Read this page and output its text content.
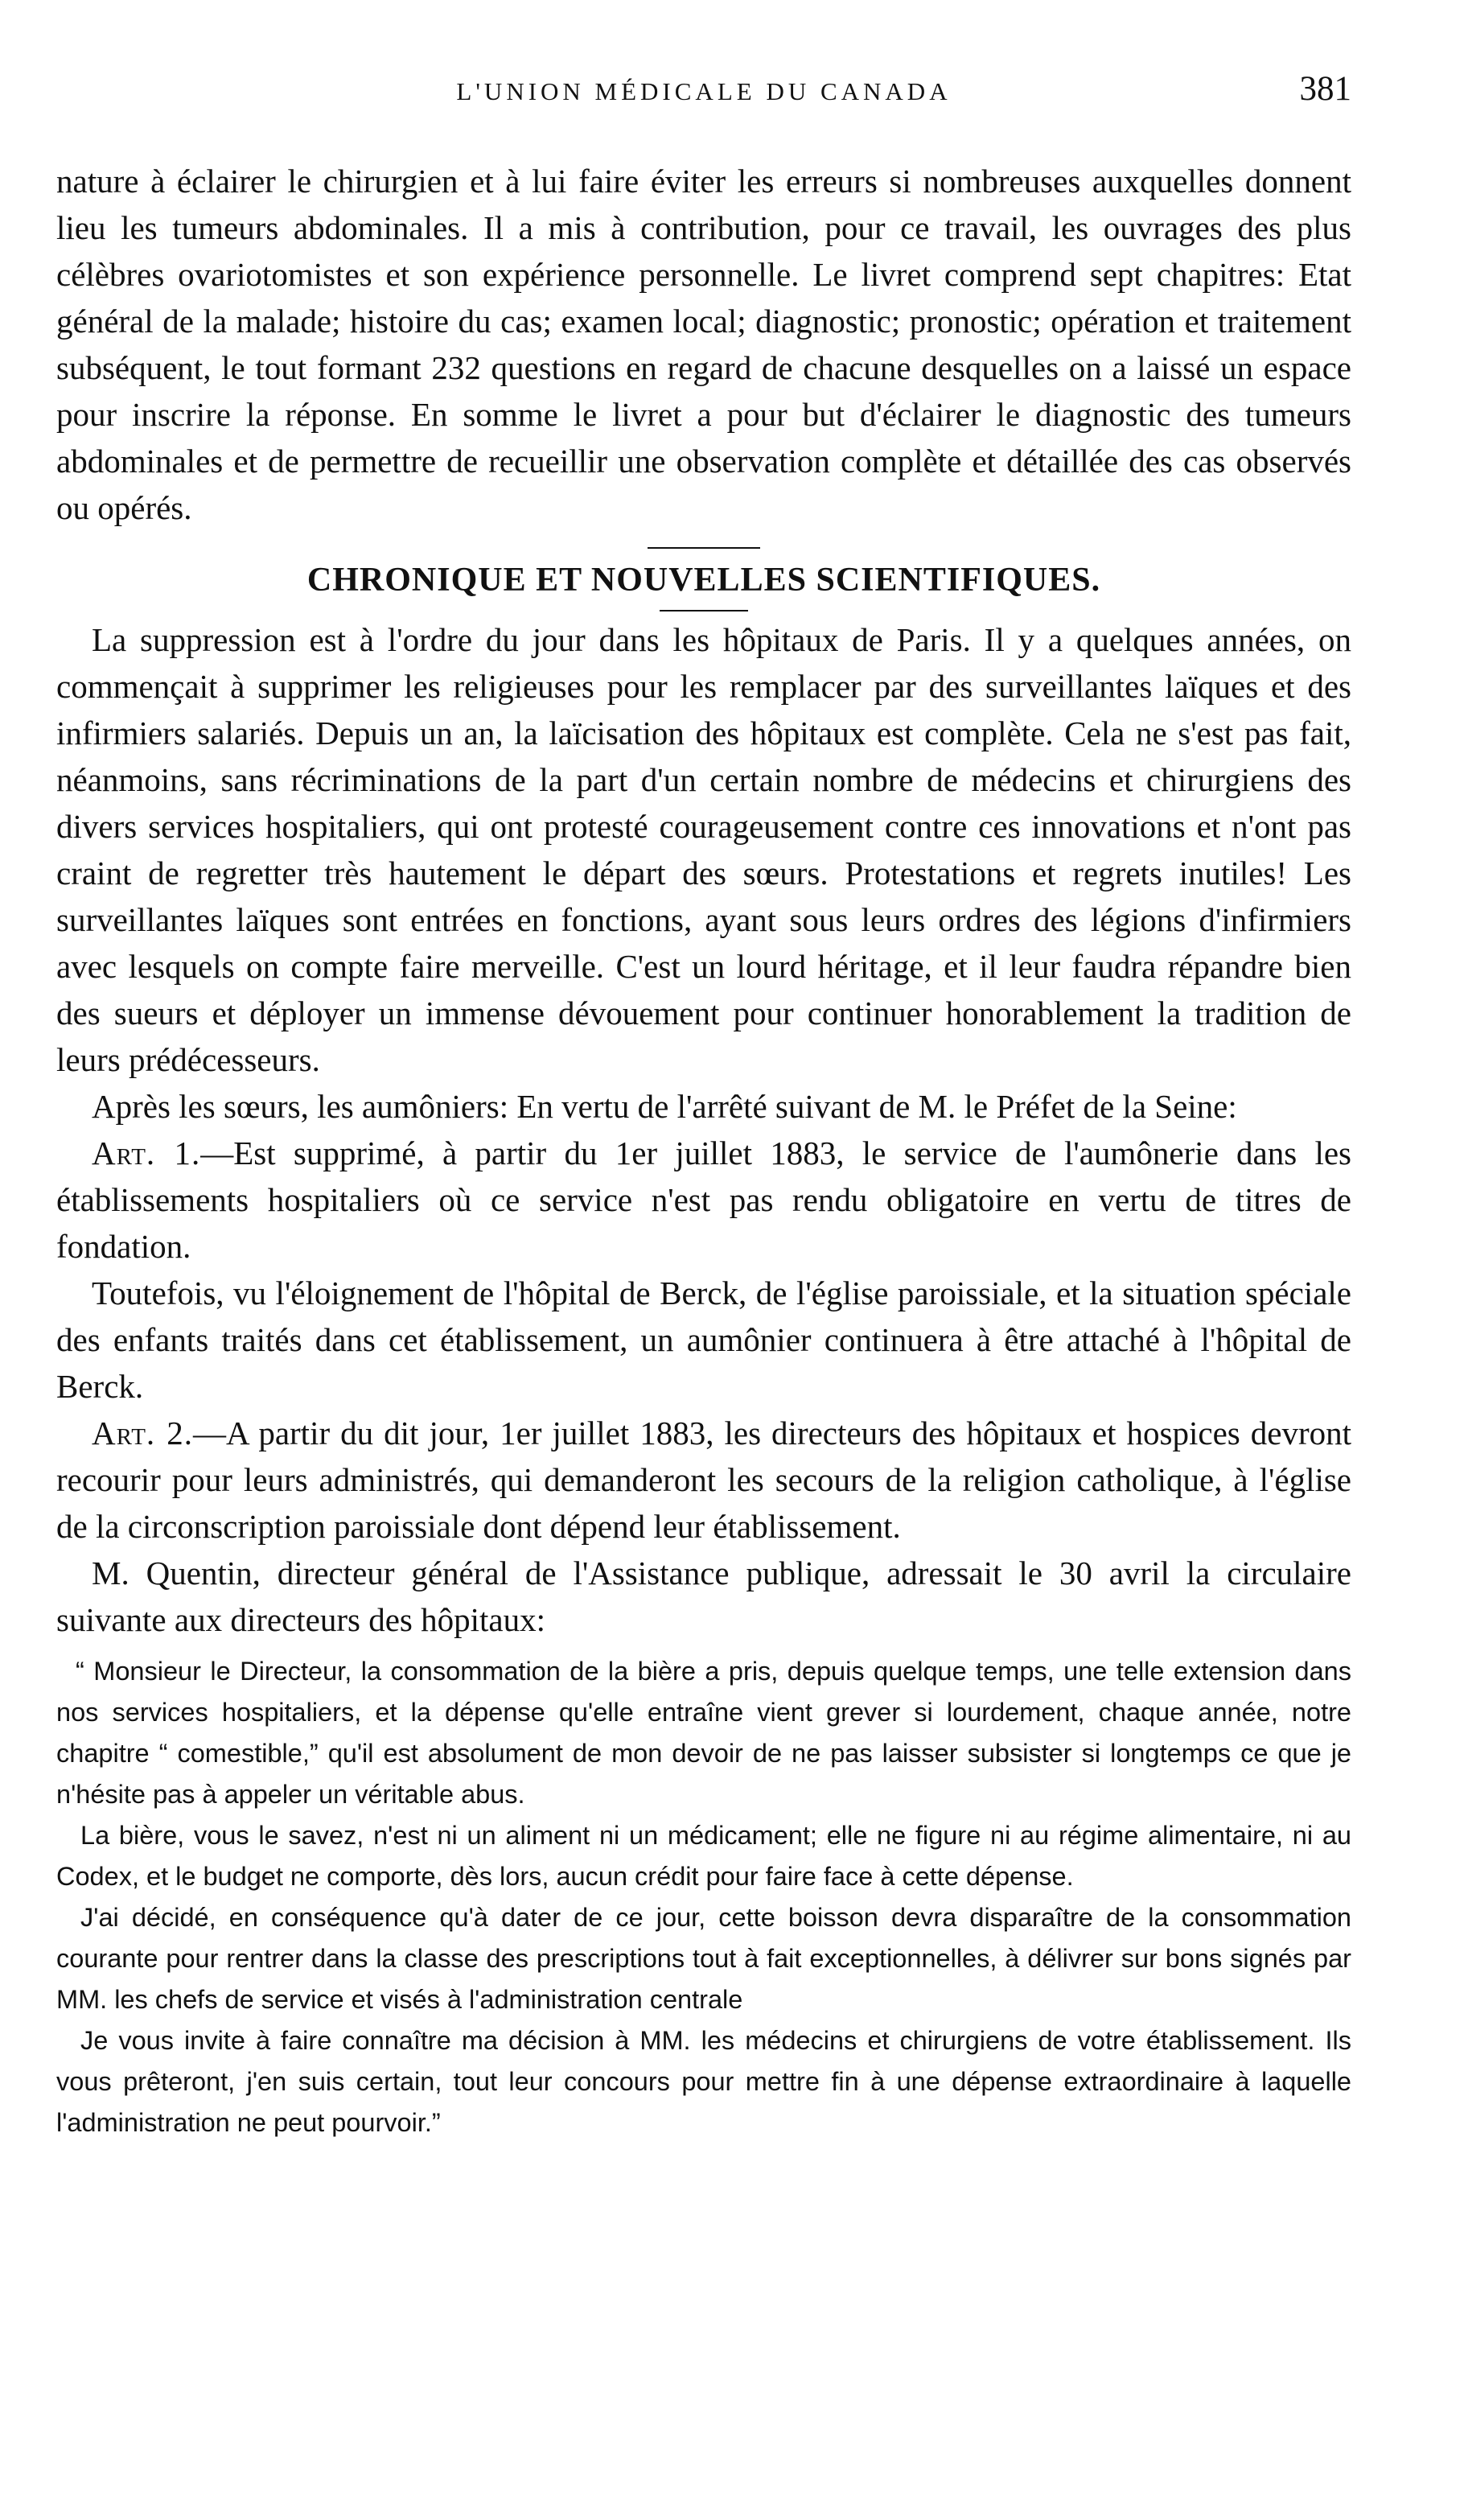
L'UNION MÉDICALE DU CANADA	381

nature à éclairer le chirurgien et à lui faire éviter les erreurs si nombreuses auxquelles donnent lieu les tumeurs abdominales. Il a mis à contribution, pour ce travail, les ouvrages des plus célèbres ovariotomistes et son expérience personnelle. Le livret comprend sept chapitres: Etat général de la malade; histoire du cas; examen local; diagnostic; pronostic; opération et traitement subséquent, le tout formant 232 questions en regard de chacune desquelles on a laissé un espace pour inscrire la réponse. En somme le livret a pour but d'éclairer le diagnostic des tumeurs abdominales et de permettre de recueillir une observation complète et détaillée des cas observés ou opérés.

CHRONIQUE ET NOUVELLES SCIENTIFIQUES.

La suppression est à l'ordre du jour dans les hôpitaux de Paris. Il y a quelques années, on commençait à supprimer les religieuses pour les remplacer par des surveillantes laïques et des infirmiers salariés. Depuis un an, la laïcisation des hôpitaux est complète. Cela ne s'est pas fait, néanmoins, sans récriminations de la part d'un certain nombre de médecins et chirurgiens des divers services hospitaliers, qui ont protesté courageusement contre ces innovations et n'ont pas craint de regretter très hautement le départ des sœurs. Protestations et regrets inutiles! Les surveillantes laïques sont entrées en fonctions, ayant sous leurs ordres des légions d'infirmiers avec lesquels on compte faire merveille. C'est un lourd héritage, et il leur faudra répandre bien des sueurs et déployer un immense dévouement pour continuer honorablement la tradition de leurs prédécesseurs.

Après les sœurs, les aumôniers: En vertu de l'arrêté suivant de M. le Préfet de la Seine:

Art. 1.—Est supprimé, à partir du 1er juillet 1883, le service de l'aumônerie dans les établissements hospitaliers où ce service n'est pas rendu obligatoire en vertu de titres de fondation.

Toutefois, vu l'éloignement de l'hôpital de Berck, de l'église paroissiale, et la situation spéciale des enfants traités dans cet établissement, un aumônier continuera à être attaché à l'hôpital de Berck.

Art. 2.—A partir du dit jour, 1er juillet 1883, les directeurs des hôpitaux et hospices devront recourir pour leurs administrés, qui demanderont les secours de la religion catholique, à l'église de la circonscription paroissiale dont dépend leur établissement.

M. Quentin, directeur général de l'Assistance publique, adressait le 30 avril la circulaire suivante aux directeurs des hôpitaux:

“ Monsieur le Directeur, la consommation de la bière a pris, depuis quelque temps, une telle extension dans nos services hospitaliers, et la dépense qu'elle entraîne vient grever si lourdement, chaque année, notre chapitre “ comestible,” qu'il est absolument de mon devoir de ne pas laisser subsister si longtemps ce que je n'hésite pas à appeler un véritable abus.

La bière, vous le savez, n'est ni un aliment ni un médicament; elle ne figure ni au régime alimentaire, ni au Codex, et le budget ne comporte, dès lors, aucun crédit pour faire face à cette dépense.

J'ai décidé, en conséquence qu'à dater de ce jour, cette boisson devra disparaître de la consommation courante pour rentrer dans la classe des prescriptions tout à fait exceptionnelles, à délivrer sur bons signés par MM. les chefs de service et visés à l'administration centrale

Je vous invite à faire connaître ma décision à MM. les médecins et chirurgiens de votre établissement. Ils vous prêteront, j'en suis certain, tout leur concours pour mettre fin à une dépense extraordinaire à laquelle l'administration ne peut pourvoir.”
